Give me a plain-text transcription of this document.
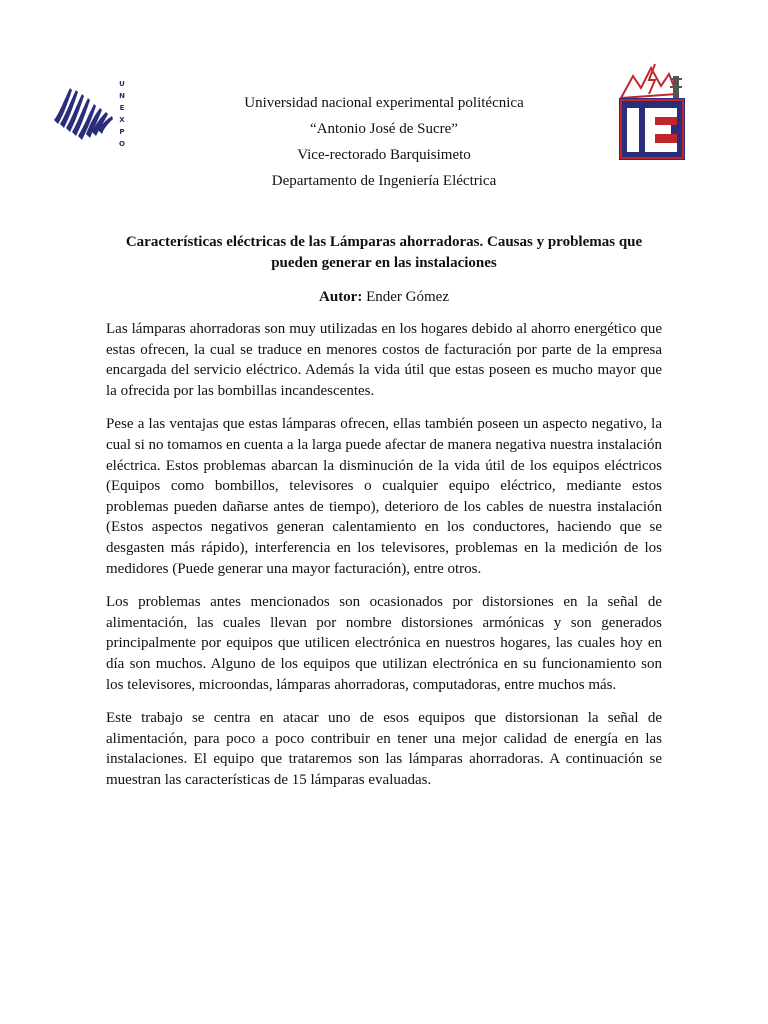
U
N
E
X
P
O
Universidad nacional experimental politécnica
“Antonio José de Sucre”
Vice-rectorado Barquisimeto
Departamento de Ingeniería Eléctrica
Características eléctricas de las Lámparas ahorradoras. Causas y problemas que pueden generar en las instalaciones
Autor: Ender Gómez

Las lámparas ahorradoras son muy utilizadas en los hogares debido al ahorro energético que estas ofrecen, la cual se traduce en menores costos de facturación por parte de la empresa encargada del servicio eléctrico. Además la vida útil que estas poseen es mucho mayor que la ofrecida por las bombillas incandescentes.

Pese a las ventajas que estas lámparas ofrecen, ellas también poseen un aspecto negativo, la cual si no tomamos en cuenta a la larga puede afectar de manera negativa nuestra instalación eléctrica. Estos problemas abarcan la disminución de la vida útil de los equipos eléctricos (Equipos como bombillos, televisores o cualquier equipo eléctrico, mediante estos problemas pueden dañarse antes de tiempo), deterioro de los cables de nuestra instalación (Estos aspectos negativos generan calentamiento en los conductores, haciendo que se desgasten más rápido), interferencia en los televisores, problemas en la medición de los medidores (Puede generar una mayor facturación), entre otros.

Los problemas antes mencionados son ocasionados por distorsiones en la señal de alimentación, las cuales llevan por nombre distorsiones armónicas y son generados principalmente por equipos que utilicen electrónica en nuestros hogares, las cuales hoy en día son muchos. Alguno de los equipos que utilizan electrónica en su funcionamiento son los televisores, microondas, lámparas ahorradoras, computadoras, entre muchos más.

Este trabajo se centra en atacar uno de esos equipos que distorsionan la señal de alimentación, para poco a poco contribuir en tener una mejor calidad de energía en las instalaciones. El equipo que trataremos son las lámparas ahorradoras. A continuación se muestran las características de 15 lámparas evaluadas.
